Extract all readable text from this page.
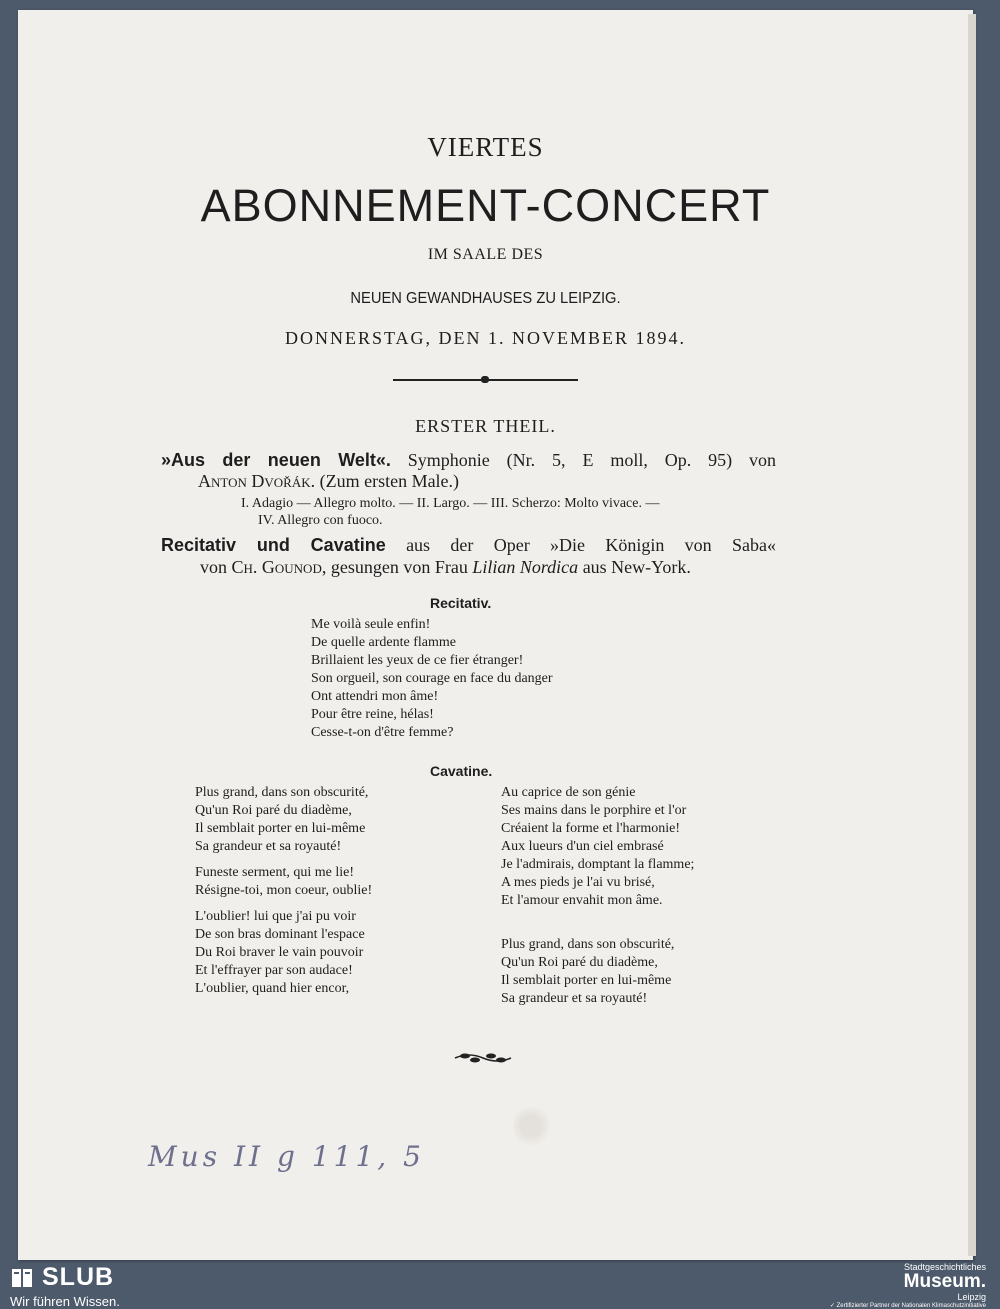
VIERTES
ABONNEMENT-CONCERT
IM SAALE DES
NEUEN GEWANDHAUSES ZU LEIPZIG.
DONNERSTAG, DEN 1. NOVEMBER 1894.
ERSTER THEIL.
»Aus der neuen Welt«. Symphonie (Nr. 5, E moll, Op. 95) von
Anton Dvořák. (Zum ersten Male.)
I. Adagio — Allegro molto. — II. Largo. — III. Scherzo: Molto vivace. —
IV. Allegro con fuoco.
Recitativ und Cavatine aus der Oper »Die Königin von Saba«
von Ch. Gounod, gesungen von Frau Lilian Nordica aus New-York.
Recitativ.
Me voilà seule enfin!
De quelle ardente flamme
Brillaient les yeux de ce fier étranger!
Son orgueil, son courage en face du danger
Ont attendri mon âme!
Pour être reine, hélas!
Cesse-t-on d'être femme?
Cavatine.
Plus grand, dans son obscurité,
Qu'un Roi paré du diadème,
Il semblait porter en lui-même
Sa grandeur et sa royauté!
Funeste serment, qui me lie!
Résigne-toi, mon coeur, oublie!
L'oublier! lui que j'ai pu voir
De son bras dominant l'espace
Du Roi braver le vain pouvoir
Et l'effrayer par son audace!
L'oublier, quand hier encor,
Au caprice de son génie
Ses mains dans le porphire et l'or
Créaient la forme et l'harmonie!
Aux lueurs d'un ciel embrasé
Je l'admirais, domptant la flamme;
A mes pieds je l'ai vu brisé,
Et l'amour envahit mon âme.
Plus grand, dans son obscurité,
Qu'un Roi paré du diadème,
Il semblait porter en lui-même
Sa grandeur et sa royauté!
Mus II g 111, 5
SLUB
Wir führen Wissen.
Stadtgeschichtliches
Museum.
Leipzig
✓ Zertifizierter Partner der Nationalen Klimaschutzinitiative
